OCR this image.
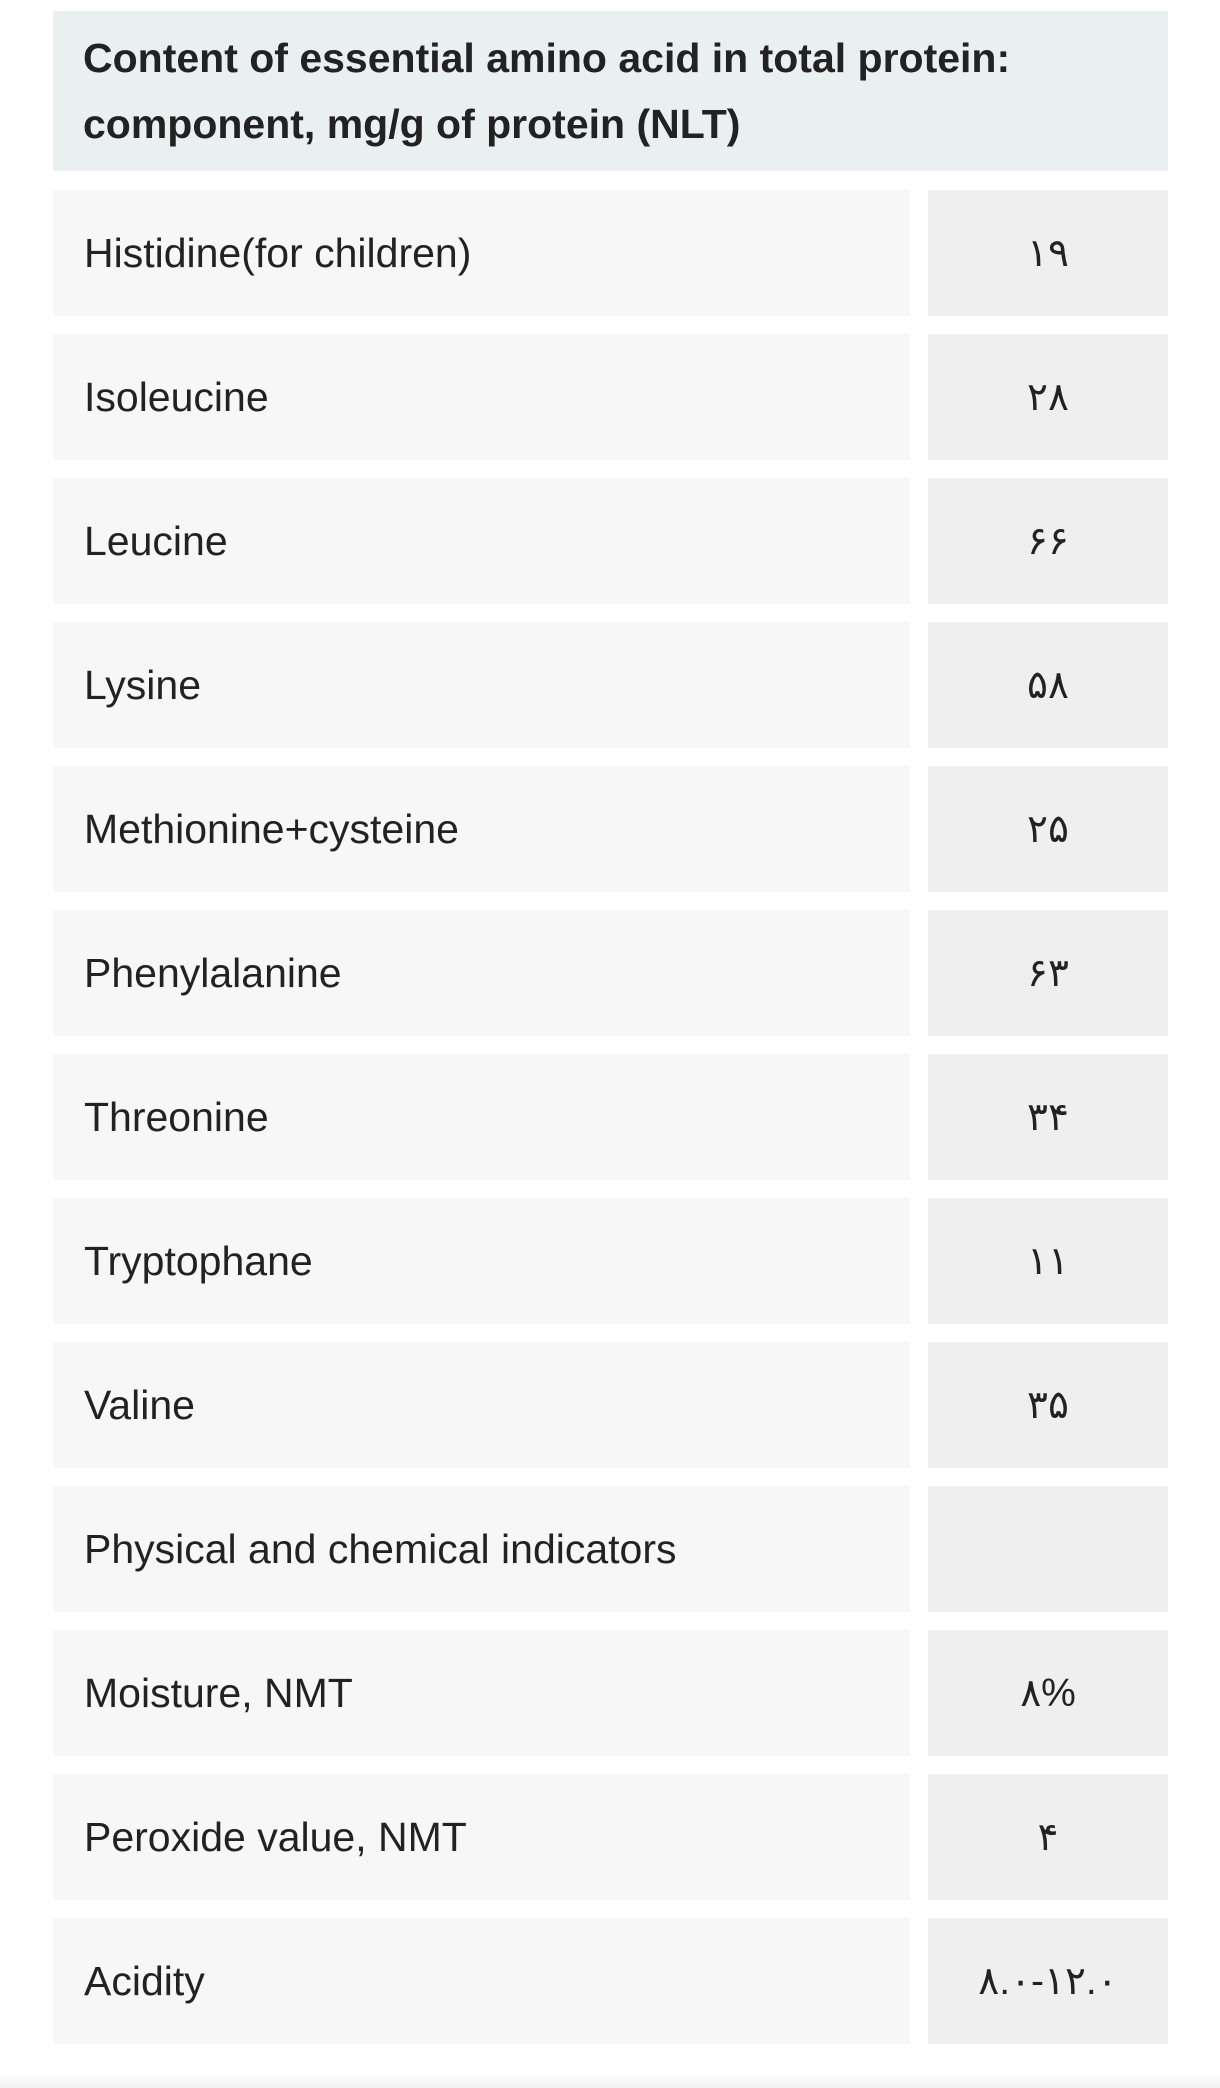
Content of essential amino acid in total protein: component, mg/g of protein (NLT)
Histidine(for children)	۱۹
Isoleucine	۲۸
Leucine	۶۶
Lysine	۵۸
Methionine+cysteine	۲۵
Phenylalanine	۶۳
Threonine	۳۴
Tryptophane	۱۱
Valine	۳۵
Physical and chemical indicators
Moisture, NMT	۸%
Peroxide value, NMT	۴
Acidity	۸.۰-۱۲.۰
